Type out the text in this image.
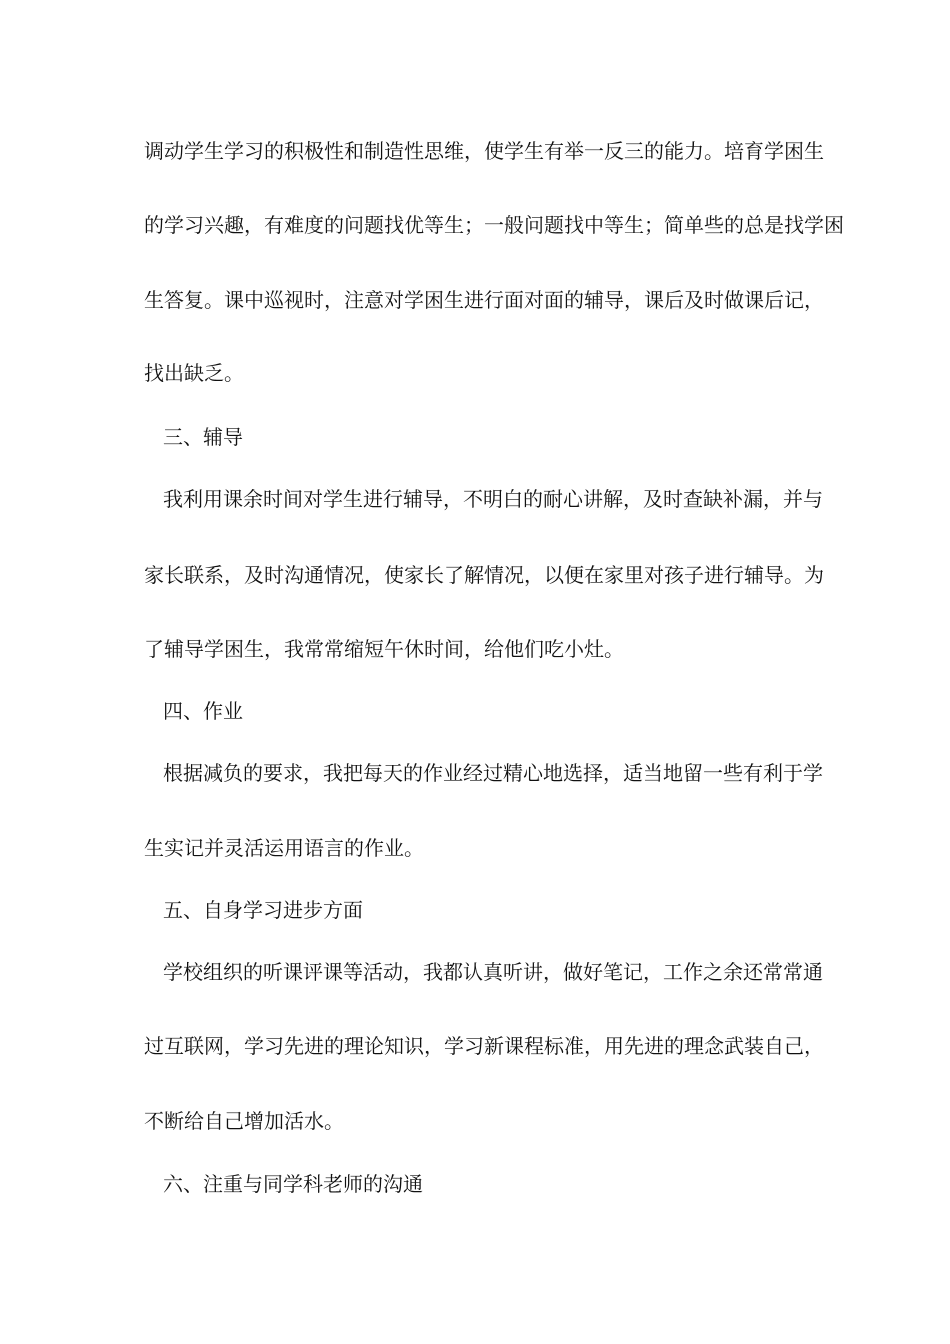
调动学生学习的积极性和制造性思维，使学生有举一反三的能力。培育学困生
的学习兴趣，有难度的问题找优等生；一般问题找中等生；简单些的总是找学困
生答复。课中巡视时，注意对学困生进行面对面的辅导，课后及时做课后记，
找出缺乏。
三、辅导
我利用课余时间对学生进行辅导，不明白的耐心讲解，及时查缺补漏，并与
家长联系，及时沟通情况，使家长了解情况，以便在家里对孩子进行辅导。为
了辅导学困生，我常常缩短午休时间，给他们吃小灶。
四、作业
根据减负的要求，我把每天的作业经过精心地选择，适当地留一些有利于学
生实记并灵活运用语言的作业。
五、自身学习进步方面
学校组织的听课评课等活动，我都认真听讲，做好笔记，工作之余还常常通
过互联网，学习先进的理论知识，学习新课程标准，用先进的理念武装自己，
不断给自己增加活水。
六、注重与同学科老师的沟通
